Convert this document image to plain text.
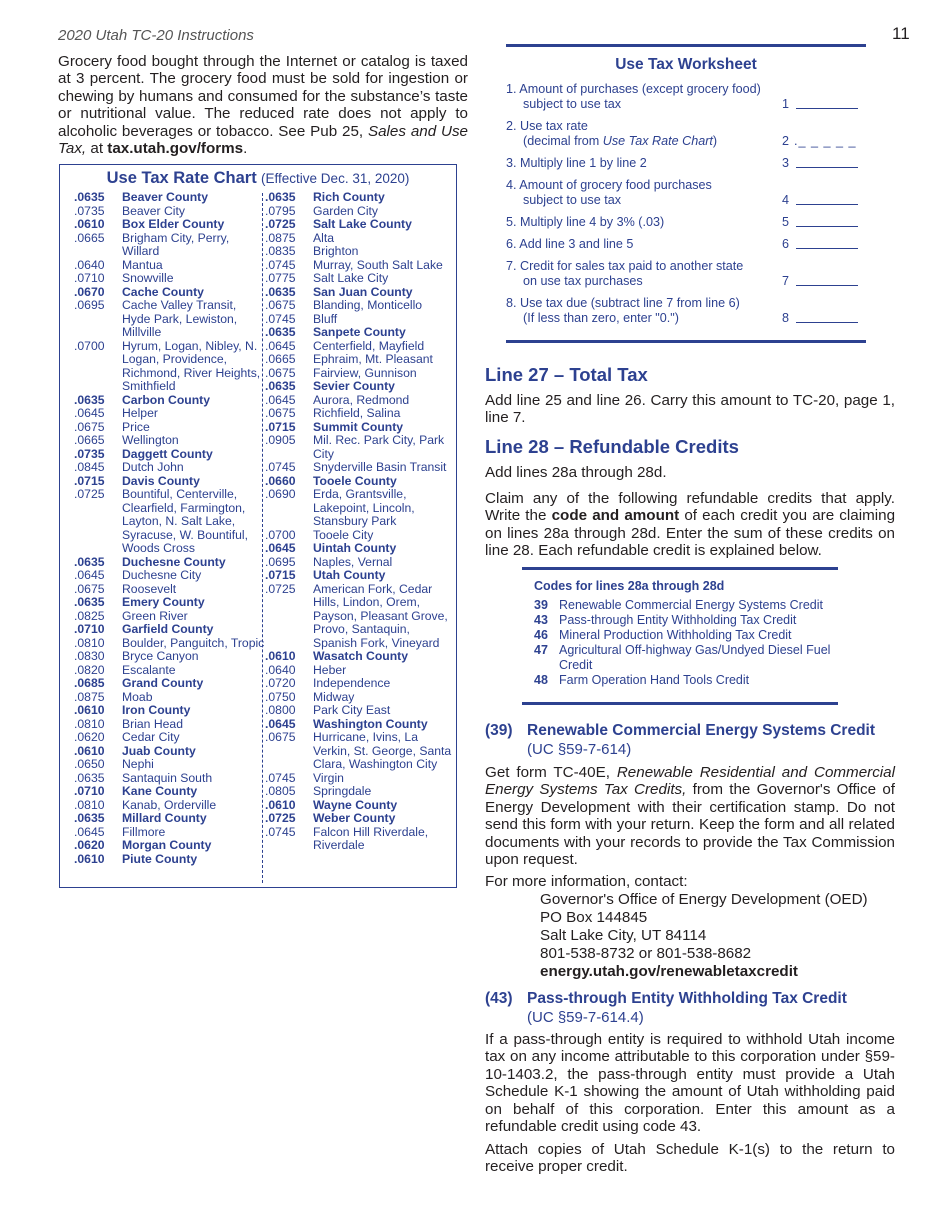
2020 Utah TC-20 Instructions	11
Grocery food bought through the Internet or catalog is taxed at 3 percent. The grocery food must be sold for ingestion or chewing by humans and consumed for the substance’s taste or nutritional value. The reduced rate does not apply to alcoholic beverages or tobacco. See Pub 25, Sales and Use Tax, at tax.utah.gov/forms.
Use Tax Rate Chart (Effective Dec. 31, 2020)
.0635	Beaver County
.0735	Beaver City
.0610	Box Elder County
.0665	Brigham City, Perry, Willard
.0640	Mantua
.0710	Snowville
.0670	Cache County
.0695	Cache Valley Transit, Hyde Park, Lewiston, Millville
.0700	Hyrum, Logan, Nibley, N. Logan, Providence, Richmond, River Heights, Smithfield
.0635	Carbon County
.0645	Helper
.0675	Price
.0665	Wellington
.0735	Daggett County
.0845	Dutch John
.0715	Davis County
.0725	Bountiful, Centerville, Clearfield, Farmington, Layton, N. Salt Lake, Syracuse, W. Bountiful, Woods Cross
.0635	Duchesne County
.0645	Duchesne City
.0675	Roosevelt
.0635	Emery County
.0825	Green River
.0710	Garfield County
.0810	Boulder, Panguitch, Tropic
.0830	Bryce Canyon
.0820	Escalante
.0685	Grand County
.0875	Moab
.0610	Iron County
.0810	Brian Head
.0620	Cedar City
.0610	Juab County
.0650	Nephi
.0635	Santaquin South
.0710	Kane County
.0810	Kanab, Orderville
.0635	Millard County
.0645	Fillmore
.0620	Morgan County
.0610	Piute County
.0635	Rich County
.0795	Garden City
.0725	Salt Lake County
.0875	Alta
.0835	Brighton
.0745	Murray, South Salt Lake
.0775	Salt Lake City
.0635	San Juan County
.0675	Blanding, Monticello
.0745	Bluff
.0635	Sanpete County
.0645	Centerfield, Mayfield
.0665	Ephraim, Mt. Pleasant
.0675	Fairview, Gunnison
.0635	Sevier County
.0645	Aurora, Redmond
.0675	Richfield, Salina
.0715	Summit County
.0905	Mil. Rec. Park City, Park City
.0745	Snyderville Basin Transit
.0660	Tooele County
.0690	Erda, Grantsville, Lakepoint, Lincoln, Stansbury Park
.0700	Tooele City
.0645	Uintah County
.0695	Naples, Vernal
.0715	Utah County
.0725	American Fork, Cedar Hills, Lindon, Orem, Payson, Pleasant Grove, Provo, Santaquin, Spanish Fork, Vineyard
.0610	Wasatch County
.0640	Heber
.0720	Independence
.0750	Midway
.0800	Park City East
.0645	Washington County
.0675	Hurricane, Ivins, La Verkin, St. George, Santa Clara, Washington City
.0745	Virgin
.0805	Springdale
.0610	Wayne County
.0725	Weber County
.0745	Falcon Hill Riverdale, Riverdale
Use Tax Worksheet
1. Amount of purchases (except grocery food)
subject to use tax	1
2. Use tax rate
(decimal from Use Tax Rate Chart)	2 ._ _ _ _ _
3. Multiply line 1 by line 2	3
4. Amount of grocery food purchases
subject to use tax	4
5. Multiply line 4 by 3% (.03)	5
6. Add line 3 and line 5	6
7. Credit for sales tax paid to another state
on use tax purchases	7
8. Use tax due (subtract line 7 from line 6)
(If less than zero, enter "0.")	8
Line 27 – Total Tax
Add line 25 and line 26. Carry this amount to TC-20, page 1, line 7.
Line 28 – Refundable Credits
Add lines 28a through 28d.
Claim any of the following refundable credits that apply. Write the code and amount of each credit you are claiming on lines 28a through 28d. Enter the sum of these credits on line 28. Each refundable credit is explained below.
Codes for lines 28a through 28d
39 Renewable Commercial Energy Systems Credit
43 Pass-through Entity Withholding Tax Credit
46 Mineral Production Withholding Tax Credit
47 Agricultural Off-highway Gas/Undyed Diesel Fuel Credit
48 Farm Operation Hand Tools Credit
(39) Renewable Commercial Energy Systems Credit
(UC §59-7-614)
Get form TC-40E, Renewable Residential and Commercial Energy Systems Tax Credits, from the Governor's Office of Energy Development with their certification stamp. Do not send this form with your return. Keep the form and all related documents with your records to provide the Tax Commission upon request.
For more information, contact:
Governor's Office of Energy Development (OED)
PO Box 144845
Salt Lake City, UT 84114
801-538-8732 or 801-538-8682
energy.utah.gov/renewabletaxcredit
(43) Pass-through Entity Withholding Tax Credit
(UC §59-7-614.4)
If a pass-through entity is required to withhold Utah income tax on any income attributable to this corporation under §59-10-1403.2, the pass-through entity must provide a Utah Schedule K-1 showing the amount of Utah withholding paid on behalf of this corporation. Enter this amount as a refundable credit using code 43.
Attach copies of Utah Schedule K-1(s) to the return to receive proper credit.
